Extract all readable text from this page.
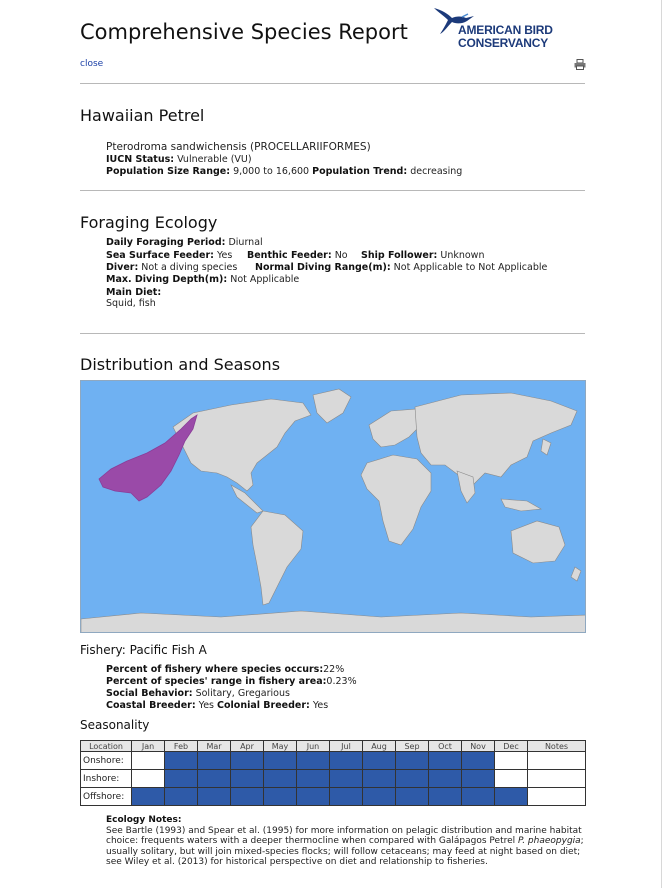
Comprehensive Species Report	AMERICAN BIRD
CONSERVANCY
close
Hawaiian Petrel
Pterodroma sandwichensis (PROCELLARIIFORMES)
IUCN Status: Vulnerable (VU)
Population Size Range: 9,000 to 16,600 Population Trend: decreasing
Foraging Ecology
Daily Foraging Period: Diurnal
Sea Surface Feeder: Yes Benthic Feeder: No Ship Follower: Unknown
Diver: Not a diving species Normal Diving Range(m): Not Applicable to Not Applicable
Max. Diving Depth(m): Not Applicable
Main Diet:
Squid, fish
Distribution and Seasons
Fishery: Pacific Fish A
Percent of fishery where species occurs:22%
Percent of species' range in fishery area:0.23%
Social Behavior: Solitary, Gregarious
Coastal Breeder: Yes Colonial Breeder: Yes
Seasonality
Location	Jan	Feb	Mar	Apr	May	Jun	Jul	Aug	Sep	Oct	Nov	Dec	Notes
Onshore:													
Inshore:													
Offshore:													
Ecology Notes:
See Bartle (1993) and Spear et al. (1995) for more information on pelagic distribution and marine habitat choice: frequents waters with a deeper thermocline when compared with Galápagos Petrel P. phaeopygia; usually solitary, but will join mixed-species flocks; will follow cetaceans; may feed at night based on diet; see Wiley et al. (2013) for historical perspective on diet and relationship to fisheries.
